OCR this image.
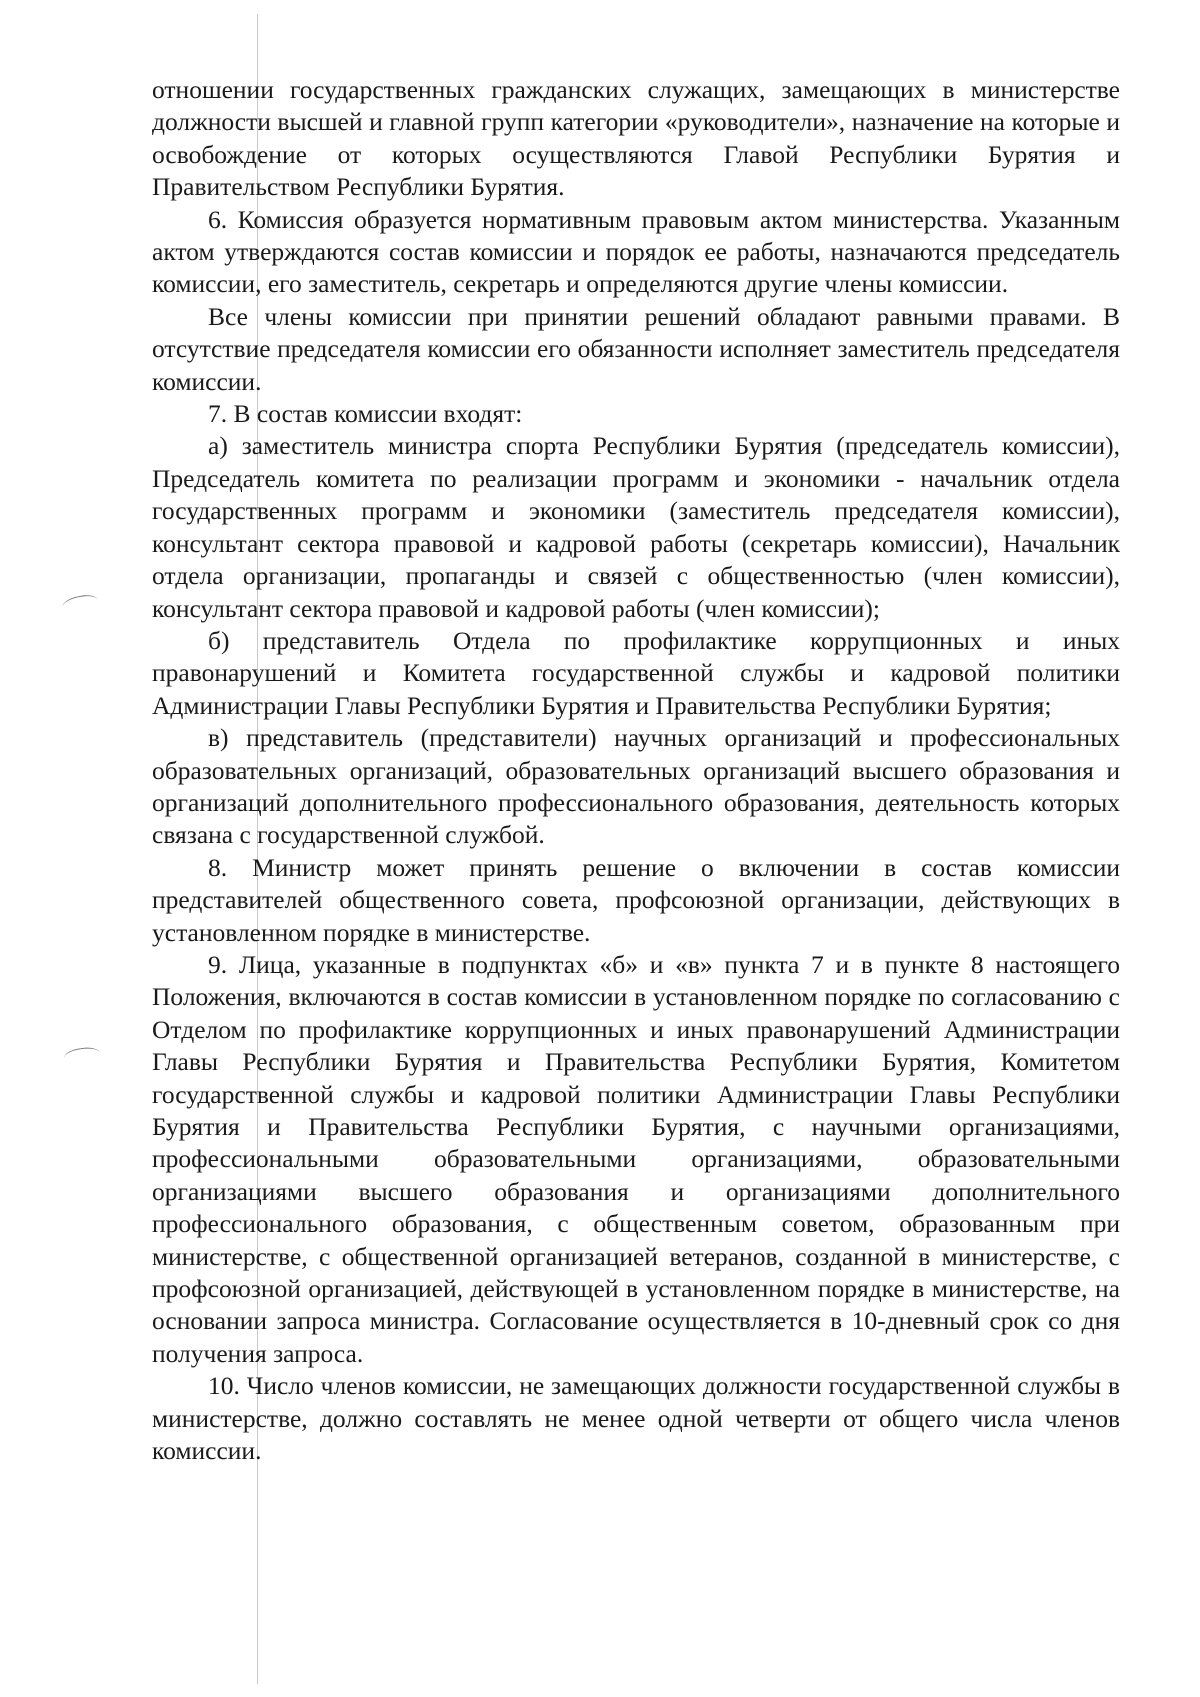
отношении государственных гражданских служащих, замещающих в министерстве должности высшей и главной групп категории «руководители», назначение на которые и освобождение от которых осуществляются Главой Республики Бурятия и Правительством Республики Бурятия.

6. Комиссия образуется нормативным правовым актом министерства. Указанным актом утверждаются состав комиссии и порядок ее работы, назначаются председатель комиссии, его заместитель, секретарь и определяются другие члены комиссии.

Все члены комиссии при принятии решений обладают равными правами. В отсутствие председателя комиссии его обязанности исполняет заместитель председателя комиссии.

7. В состав комиссии входят:

а) заместитель министра спорта Республики Бурятия (председатель комиссии), Председатель комитета по реализации программ и экономики - начальник отдела государственных программ и экономики (заместитель председателя комиссии), консультант сектора правовой и кадровой работы (секретарь комиссии), Начальник отдела организации, пропаганды и связей с общественностью (член комиссии), консультант сектора правовой и кадровой работы (член комиссии);

б) представитель Отдела по профилактике коррупционных и иных правонарушений и Комитета государственной службы и кадровой политики Администрации Главы Республики Бурятия и Правительства Республики Бурятия;

в) представитель (представители) научных организаций и профессиональных образовательных организаций, образовательных организаций высшего образования и организаций дополнительного профессионального образования, деятельность которых связана с государственной службой.

8. Министр может принять решение о включении в состав комиссии представителей общественного совета, профсоюзной организации, действующих в установленном порядке в министерстве.

9. Лица, указанные в подпунктах «б» и «в» пункта 7 и в пункте 8 настоящего Положения, включаются в состав комиссии в установленном порядке по согласованию с Отделом по профилактике коррупционных и иных правонарушений Администрации Главы Республики Бурятия и Правительства Республики Бурятия, Комитетом государственной службы и кадровой политики Администрации Главы Республики Бурятия и Правительства Республики Бурятия, с научными организациями, профессиональными образовательными организациями, образовательными организациями высшего образования и организациями дополнительного профессионального образования, с общественным советом, образованным при министерстве, с общественной организацией ветеранов, созданной в министерстве, с профсоюзной организацией, действующей в установленном порядке в министерстве, на основании запроса министра. Согласование осуществляется в 10-дневный срок со дня получения запроса.

10. Число членов комиссии, не замещающих должности государственной службы в министерстве, должно составлять не менее одной четверти от общего числа членов комиссии.
